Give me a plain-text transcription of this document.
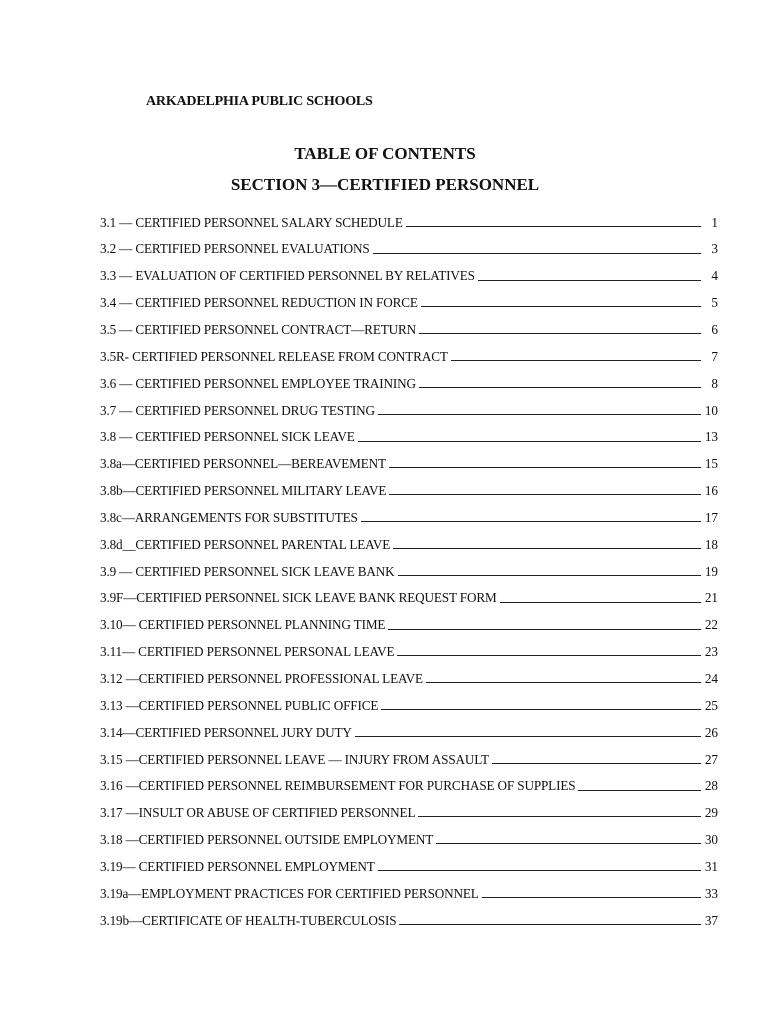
ARKADELPHIA PUBLIC SCHOOLS

TABLE OF CONTENTS
SECTION 3—CERTIFIED PERSONNEL
3.1 — CERTIFIED PERSONNEL SALARY SCHEDULE	1
3.2 — CERTIFIED PERSONNEL EVALUATIONS	3
3.3 — EVALUATION OF CERTIFIED PERSONNEL BY RELATIVES	4
3.4 — CERTIFIED PERSONNEL REDUCTION IN FORCE	5
3.5 — CERTIFIED PERSONNEL CONTRACT—RETURN	6
3.5R- CERTIFIED PERSONNEL RELEASE FROM CONTRACT	7
3.6 — CERTIFIED PERSONNEL EMPLOYEE TRAINING	8
3.7 — CERTIFIED PERSONNEL DRUG TESTING	10
3.8 — CERTIFIED PERSONNEL SICK LEAVE	13
3.8a—CERTIFIED PERSONNEL—BEREAVEMENT	15
3.8b—CERTIFIED PERSONNEL MILITARY LEAVE	16
3.8c—ARRANGEMENTS FOR SUBSTITUTES	17
3.8d__CERTIFIED PERSONNEL PARENTAL LEAVE	18
3.9 — CERTIFIED PERSONNEL SICK LEAVE BANK	19
3.9F—CERTIFIED PERSONNEL SICK LEAVE BANK REQUEST FORM	21
3.10— CERTIFIED PERSONNEL PLANNING TIME	22
3.11— CERTIFIED PERSONNEL PERSONAL LEAVE	23
3.12 —CERTIFIED PERSONNEL PROFESSIONAL LEAVE	24
3.13 —CERTIFIED PERSONNEL PUBLIC OFFICE	25
3.14—CERTIFIED PERSONNEL JURY DUTY	26
3.15 —CERTIFIED PERSONNEL LEAVE — INJURY FROM ASSAULT	27
3.16 —CERTIFIED PERSONNEL REIMBURSEMENT FOR PURCHASE OF SUPPLIES	28
3.17 —INSULT OR ABUSE OF CERTIFIED PERSONNEL	29
3.18 —CERTIFIED PERSONNEL OUTSIDE EMPLOYMENT	30
3.19— CERTIFIED PERSONNEL EMPLOYMENT	31
3.19a—EMPLOYMENT PRACTICES FOR CERTIFIED PERSONNEL	33
3.19b—CERTIFICATE OF HEALTH-TUBERCULOSIS	37
